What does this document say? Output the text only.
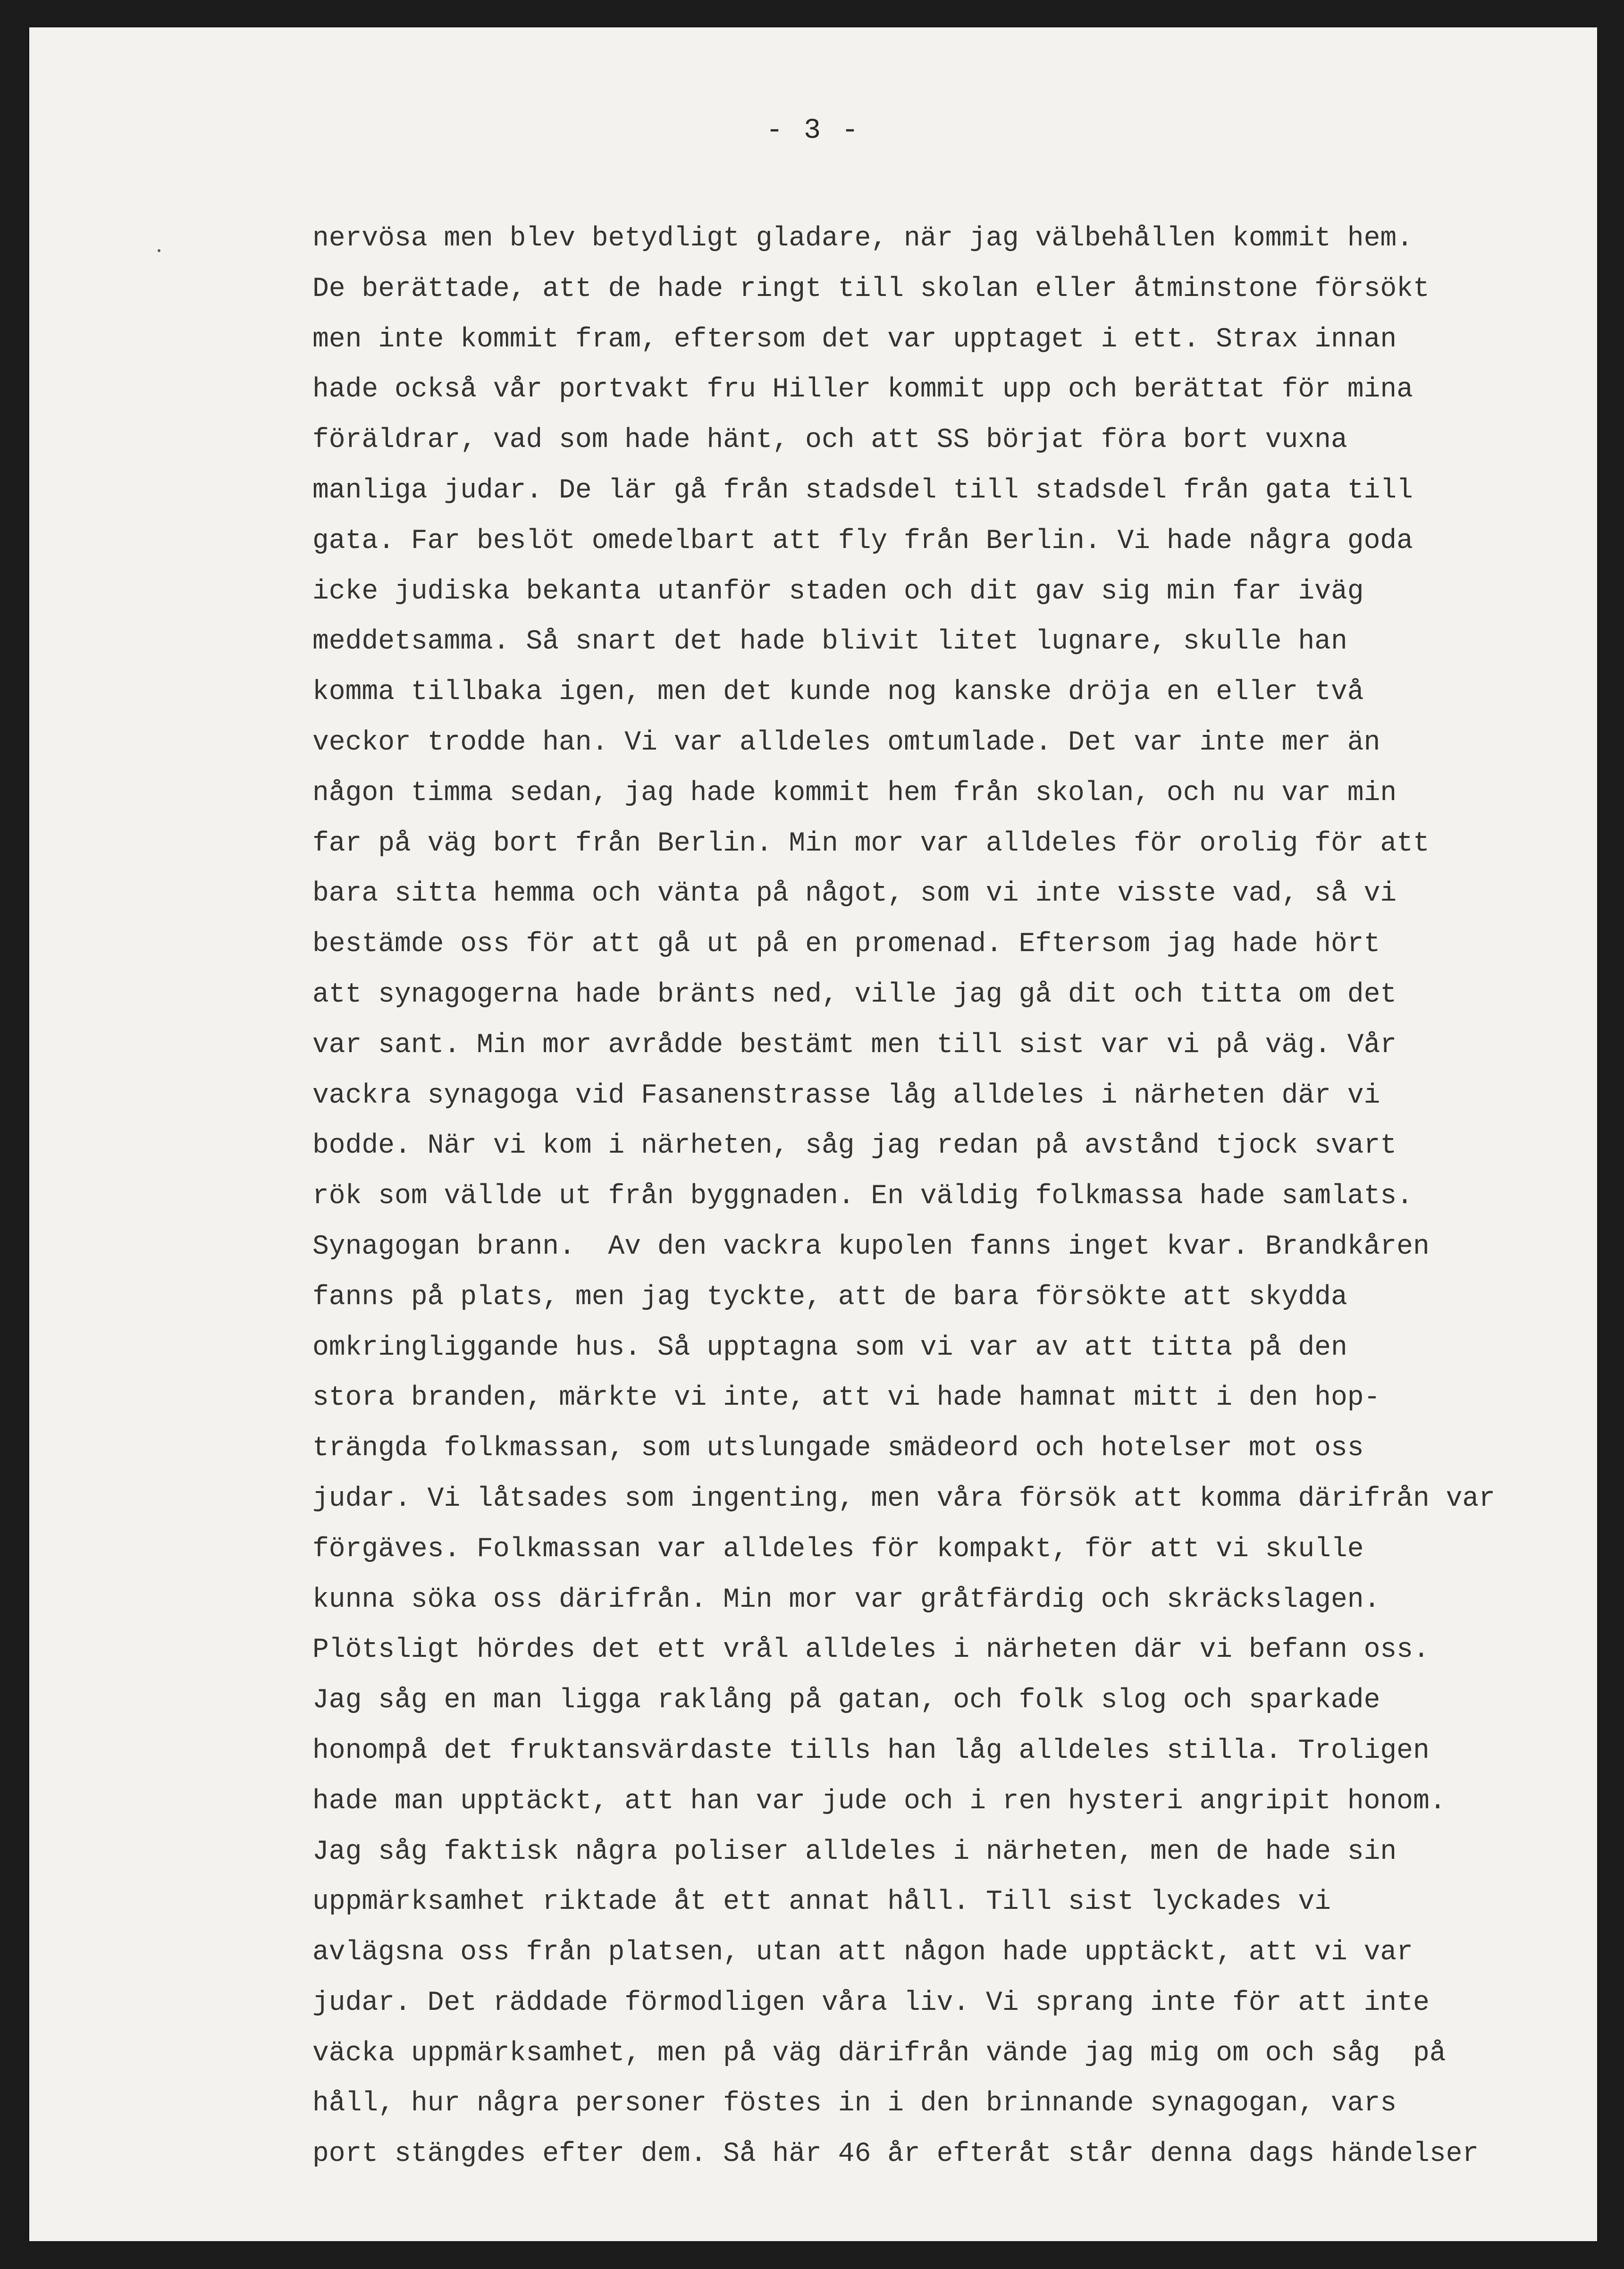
- 3 -
nervösa men blev betydligt gladare, när jag välbehållen kommit hem.
De berättade, att de hade ringt till skolan eller åtminstone försökt
men inte kommit fram, eftersom det var upptaget i ett. Strax innan
hade också vår portvakt fru Hiller kommit upp och berättat för mina
föräldrar, vad som hade hänt, och att SS börjat föra bort vuxna
manliga judar. De lär gå från stadsdel till stadsdel från gata till
gata. Far beslöt omedelbart att fly från Berlin. Vi hade några goda
icke judiska bekanta utanför staden och dit gav sig min far iväg
meddetsamma. Så snart det hade blivit litet lugnare, skulle han
komma tillbaka igen, men det kunde nog kanske dröja en eller två
veckor trodde han. Vi var alldeles omtumlade. Det var inte mer än
någon timma sedan, jag hade kommit hem från skolan, och nu var min
far på väg bort från Berlin. Min mor var alldeles för orolig för att
bara sitta hemma och vänta på något, som vi inte visste vad, så vi
bestämde oss för att gå ut på en promenad. Eftersom jag hade hört
att synagogerna hade bränts ned, ville jag gå dit och titta om det
var sant. Min mor avrådde bestämt men till sist var vi på väg. Vår
vackra synagoga vid Fasanenstrasse låg alldeles i närheten där vi
bodde. När vi kom i närheten, såg jag redan på avstånd tjock svart
rök som vällde ut från byggnaden. En väldig folkmassa hade samlats.
Synagogan brann.  Av den vackra kupolen fanns inget kvar. Brandkåren
fanns på plats, men jag tyckte, att de bara försökte att skydda
omkringliggande hus. Så upptagna som vi var av att titta på den
stora branden, märkte vi inte, att vi hade hamnat mitt i den hop-
trängda folkmassan, som utslungade smädeord och hotelser mot oss
judar. Vi låtsades som ingenting, men våra försök att komma därifrån var
förgäves. Folkmassan var alldeles för kompakt, för att vi skulle
kunna söka oss därifrån. Min mor var gråtfärdig och skräckslagen.
Plötsligt hördes det ett vrål alldeles i närheten där vi befann oss.
Jag såg en man ligga raklång på gatan, och folk slog och sparkade
honompå det fruktansvärdaste tills han låg alldeles stilla. Troligen
hade man upptäckt, att han var jude och i ren hysteri angripit honom.
Jag såg faktisk några poliser alldeles i närheten, men de hade sin
uppmärksamhet riktade åt ett annat håll. Till sist lyckades vi
avlägsna oss från platsen, utan att någon hade upptäckt, att vi var
judar. Det räddade förmodligen våra liv. Vi sprang inte för att inte
väcka uppmärksamhet, men på väg därifrån vände jag mig om och såg  på
håll, hur några personer föstes in i den brinnande synagogan, vars
port stängdes efter dem. Så här 46 år efteråt står denna dags händelser
